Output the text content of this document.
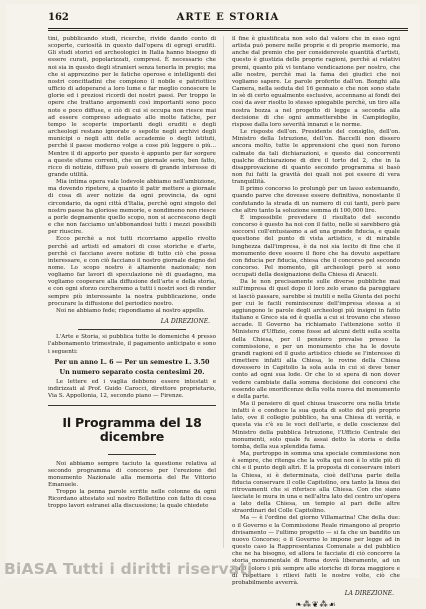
162	ARTE E STORIA

tini, pubblicando studi, ricerche, rivide dando conto di scoperte, curiosità in questo dall'opera di egregi eruditi. Gli studi storici ed archeologici in Italia hanno bisogno di essere curati, popolarizzati, compresi. È necessario che noi sia in questo degli stranieri senza tenerla in pregio; ma che si apprezzino per le fatiche operose e intelligenti dei nostri concittadini che compiono il nobile e patriottico ufficio di adoperarsi a loro lume e far meglio conoscere le glorie ed i preziosi ricordi dei nostri paesi. Per troppo le opere che trattano argomenti così importanti sono poco note e poco diffuse, e ciò di cui si occupa non riesce mai ad essere compreso adeguato allo molte fatiche, per tempo le scoperte importanti degli eruditi e degli archeologi restano ignorate o sepolte negli archivi degli municipi o negli atti delle accademie o degli istituti, perchè il paese moderno volge a cose più leggere o più... Mentre il di apporto per questo è appunto per far sorgere a queste sfume correnti, che un giornale serio, ben fatto, ricco di notizie, diffuso può essere di grande interesse di grande utilità.

Mia intima opera vale lodevole abbiamo nell'ambizione, ma dovendo ripetere, a quanto il patir mettere a giornale di cosa di aver notizie da ogni provincia, da ogni circondario, da ogni città d'Italia, perchè ogni singolo del nostro paese ha gloriose memorie, e nondimeno non riesce a porle degnamente quello scopo, non si accrescono degli e che non facciamo un'abbonandosi tutti i mezzi possibili per riuscire.

Ecco perchè a noi tutti ricorriamo appello rivolto perchè ad artisti ed amatori di cose storiche e d'arte, perchè ci facciano avere notizie di tutto ciò che possa interessare, e con ciò facciano il nostro giornale degno del nome. Lo scopo nostro è altamente nazionale; non vogliamo far lavori di speculazione nè di guadagno, ma vogliamo cooperare alla diffusione dell'arte e della storia, e con ogni sforzo cercheremo a tutti i nostri soci di render sempre più interessante la nostra pubblicazione, onde procurare la diffusione del periodico nostro.

Noi ne abbiamo fede; rispondiamo al nostro appello.

LA DIREZIONE.

L'Arte e Storia, si pubblica tutte le domeniche 4 presso l'abbonamento trimestrale, il pagamento anticipato e sono i seguenti:

Per un anno L. 6 — Per un semestre L. 3.50
Un numero separato costa centesimi 20.

Le lettere ed i vaglia debbono essere intestati e indirizzati al Prof. Guido Carocci, direttore proprietario, Via S. Appollonia, 12, secondo piano — Firenze.

Il Programma del 18 dicembre

Noi abbiamo sempre taciuto la questione relativa al secondo programma di concorso per l'erezione del monumento Nazionale alla memoria del Re Vittorio Emanuele.

Troppo la penna parole scritte nelle colonne da ogni Ricordano attestato sul nostro Bollettino con fatto di cosa troppo lavori estranei alla discussione; la quale chiedete

il fine è giustificata non solo dal valore che in esso ogni artista può ponere nelle proprie e di proprie memorie, ma anche dal premio che per considerevole quantità d'artisti, questo è giustizia delle proprie ragioni, perchè ai relativi premi, quanto più vi tentano vendicazione per nostro, che alle nostre, perchè mai la fama dei giudici che noi vogliamo sapere. Le parole proferite dall'on. Bonghi alla Camera, nella seduta del 16 gennaio e che non sono state in sè di certo egualmente esclusive, accennano ai fondi dei così da aver risolto lo stesso spiegabile perchè, un tiro alla nostra bozza a nel progetto di legge a seconda alla decisione di che ogni ammetterebbe in Campidoglio, rispose dalla loro severità innanzi e le norme.

Le risposte dell'on. Presidente del consiglio, dell'on. Ministro della Istruzione, dell'on. Baccelli non dissero ancora molto, tutte le apprensioni che quei non furono calmate da tali dichiarazioni, e questo dai concorrenti qualche dichiarazione di dire il torto del 2, che in la disapprovazione di quanto secondo programma si basò non fui fatti la gravità dei quali noi poi essere di vera tranquillità.

Il primo concorso lo prolungò per un lasso estenuando, quando parve che dovesse essere definitiva, nonostante il confutando la strada di un numero di cui tanti, però pare che altro tanto la soluzione somma di 100,000 lire.

È impossibile prevedere il risultato del secondo concorso è questo ha noi con il fatto, nelle si sarebbero già soccorsi coll'entusiasmo a ad una grande fiducia, e quale questione del punto di vista artistico, e di mirabile lunghezza dall'impresa, è da noi sia lecito di fine che il monumento deve essere il fiore che ha dovuto aspettare con fiducia per fiducia, chiesa che il concorso pel secondo concorso. Pel momento, gli archeologi però si sono occupati della designazione della Chiesa di Araceli.

Da le non precisamente sulle diverse pubbliche mai sull'impresa di quel dopo il loro zelo erano da pareggiare si lasciò passare, sarebbe sì inutili e nella Giunta dei pochi per cui le facili reminiscenze dell'impresa stessa a si aggiungono le parole degli archeologi più insigni in fatto italiano e Greco sia ed è quella a cui si trovano che stesso accade. Il Governo ha richiamato l'attenzione sotto il Ministero d'Uffizio, come fosse ad alcuni detti sulla scelta della Chiesa, per il pensiero prevalse presso la commissione, e per un monumento che ha le dovute grandi ragioni ed il gusto artistico chiede se l'interesse di rimettere infatti alla Chiesa, le rovine della Chiesa dovessero in Capitolio la sola aula in cui si deve tener conto ad ogni sua lode. Or che lo si spera di non dover vedere cambiate dalla somma decisione dei concorsi che essendo alle onorificenze della volta nuova del monumento e della parte.

Ma il pensiero di quel chiusa trascorre ora nella triste infatti è e conduce la sua quota di sotto del più proprio lato, ove il collegio pubblico, ha una Chiesa di verità, e questa via c'è su le voci dell'arte, e delle coscienze del Ministro della pubblica Istruzione, l'Ufficio Centrale dei monumenti, solo quale fu assai detto la storia e della tomba, della sua splendida fama.

Ma, purtroppo in somma una speciale commissione non è sempre, che ritenga che la volta qui non è lo stile più di chi e il punto degli altri. E la proposta di conservare interi la Chiesa, si è determinata, cioè dell'una parte della fiducia conservare il colle Capitolino, ora tanto la linea dei ritrovamenti che si riferisce alla Chiesa. Con che siano lasciate le mura in una e nell'altra lato del centro un'opera a lato della Chiesa, un tempio al pari delle altre straordinari del Colle Capitolino.

Ma — è l'ordine del giorno Villamarina! Che della due: o il Governo e la Commissione Reale rimangono al proprio divisamento — l'ultimo progetto — si fa che un bandito un nuovo Concorso; o il Governo lo impone per legge ad in questo caso la Rappresentanza Comunale a del pubblico che ne ha bisogno, ed allora le facciate di ciò concorre la storia monumentale di Roma dovrà liberamente, ad un stato coloro i più sempre alle storiche di forza maggiore e di rispettare i rilievi fatti le nostre volte, ciò che probabilmente avverrà.

LA DIREZIONE.
❧⁂❦⁂☙
BiASA Tutti i diritti riservati
